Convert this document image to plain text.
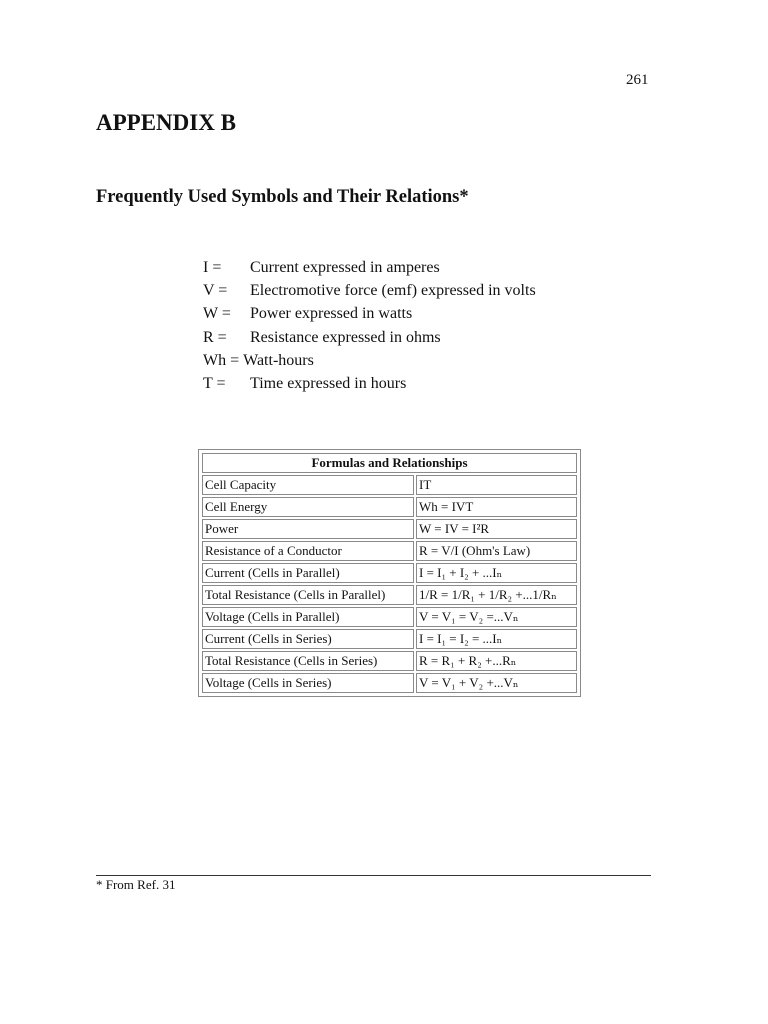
261
APPENDIX B
Frequently Used Symbols and Their Relations*
I =	Current expressed in amperes
V =	Electromotive force (emf) expressed in volts
W =	Power expressed in watts
R =	Resistance expressed in ohms
Wh = Watt-hours
T =	Time expressed in hours
Formulas and Relationships	
Cell Capacity	IT
Cell Energy	Wh = IVT
Power	W = IV = I²R
Resistance of a Conductor	R = V/I (Ohm's Law)
Current (Cells in Parallel)	I = I₁ + I₂ + ...Iₙ
Total Resistance (Cells in Parallel)	1/R = 1/R₁ + 1/R₂ +...1/Rₙ
Voltage (Cells in Parallel)	V = V₁ = V₂ =...Vₙ
Current (Cells in Series)	I = I₁ = I₂ = ...Iₙ
Total Resistance (Cells in Series)	R = R₁ + R₂ +...Rₙ
Voltage (Cells in Series)	V = V₁ + V₂ +...Vₙ
* From Ref. 31
